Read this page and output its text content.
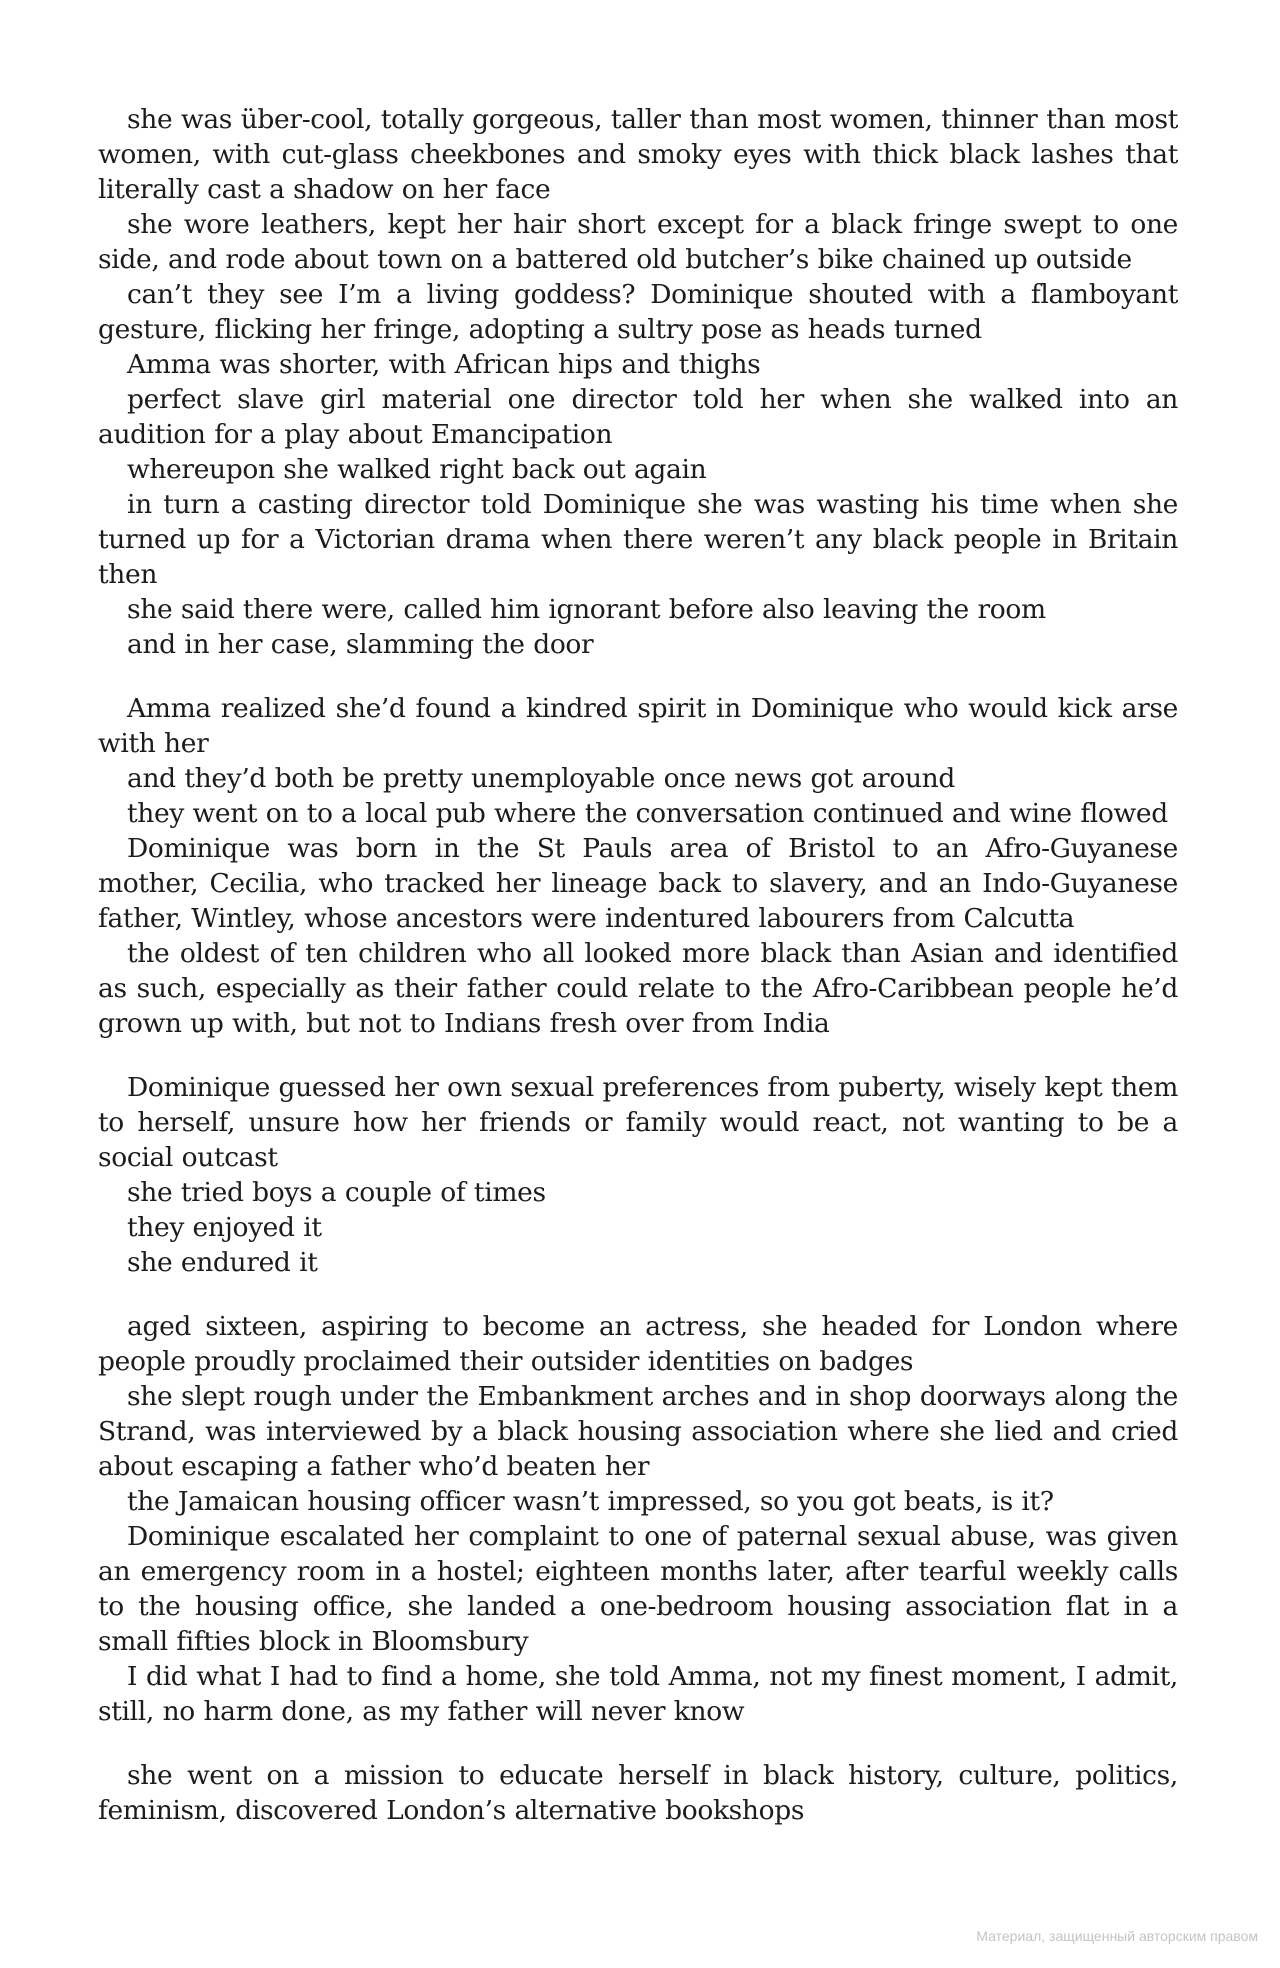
she was über-cool, totally gorgeous, taller than most women, thinner than most women, with cut-glass cheekbones and smoky eyes with thick black lashes that literally cast a shadow on her face

she wore leathers, kept her hair short except for a black fringe swept to one side, and rode about town on a battered old butcher’s bike chained up outside

can’t they see I’m a living goddess? Dominique shouted with a flamboyant gesture, flicking her fringe, adopting a sultry pose as heads turned

Amma was shorter, with African hips and thighs

perfect slave girl material one director told her when she walked into an audition for a play about Emancipation

whereupon she walked right back out again

in turn a casting director told Dominique she was wasting his time when she turned up for a Victorian drama when there weren’t any black people in Britain then

she said there were, called him ignorant before also leaving the room

and in her case, slamming the door

Amma realized she’d found a kindred spirit in Dominique who would kick arse with her

and they’d both be pretty unemployable once news got around

they went on to a local pub where the conversation continued and wine flowed

Dominique was born in the St Pauls area of Bristol to an Afro-Guyanese mother, Cecilia, who tracked her lineage back to slavery, and an Indo-Guyanese father, Wintley, whose ancestors were indentured labourers from Calcutta

the oldest of ten children who all looked more black than Asian and identified as such, especially as their father could relate to the Afro-Caribbean people he’d grown up with, but not to Indians fresh over from India

Dominique guessed her own sexual preferences from puberty, wisely kept them to herself, unsure how her friends or family would react, not wanting to be a social outcast

she tried boys a couple of times

they enjoyed it

she endured it

aged sixteen, aspiring to become an actress, she headed for London where people proudly proclaimed their outsider identities on badges

she slept rough under the Embankment arches and in shop doorways along the Strand, was interviewed by a black housing association where she lied and cried about escaping a father who’d beaten her

the Jamaican housing officer wasn’t impressed, so you got beats, is it?

Dominique escalated her complaint to one of paternal sexual abuse, was given an emergency room in a hostel; eighteen months later, after tearful weekly calls to the housing office, she landed a one-bedroom housing association flat in a small fifties block in Bloomsbury

I did what I had to find a home, she told Amma, not my finest moment, I admit, still, no harm done, as my father will never know

she went on a mission to educate herself in black history, culture, politics, feminism, discovered London’s alternative bookshops

Материал, защищенный авторским правом
